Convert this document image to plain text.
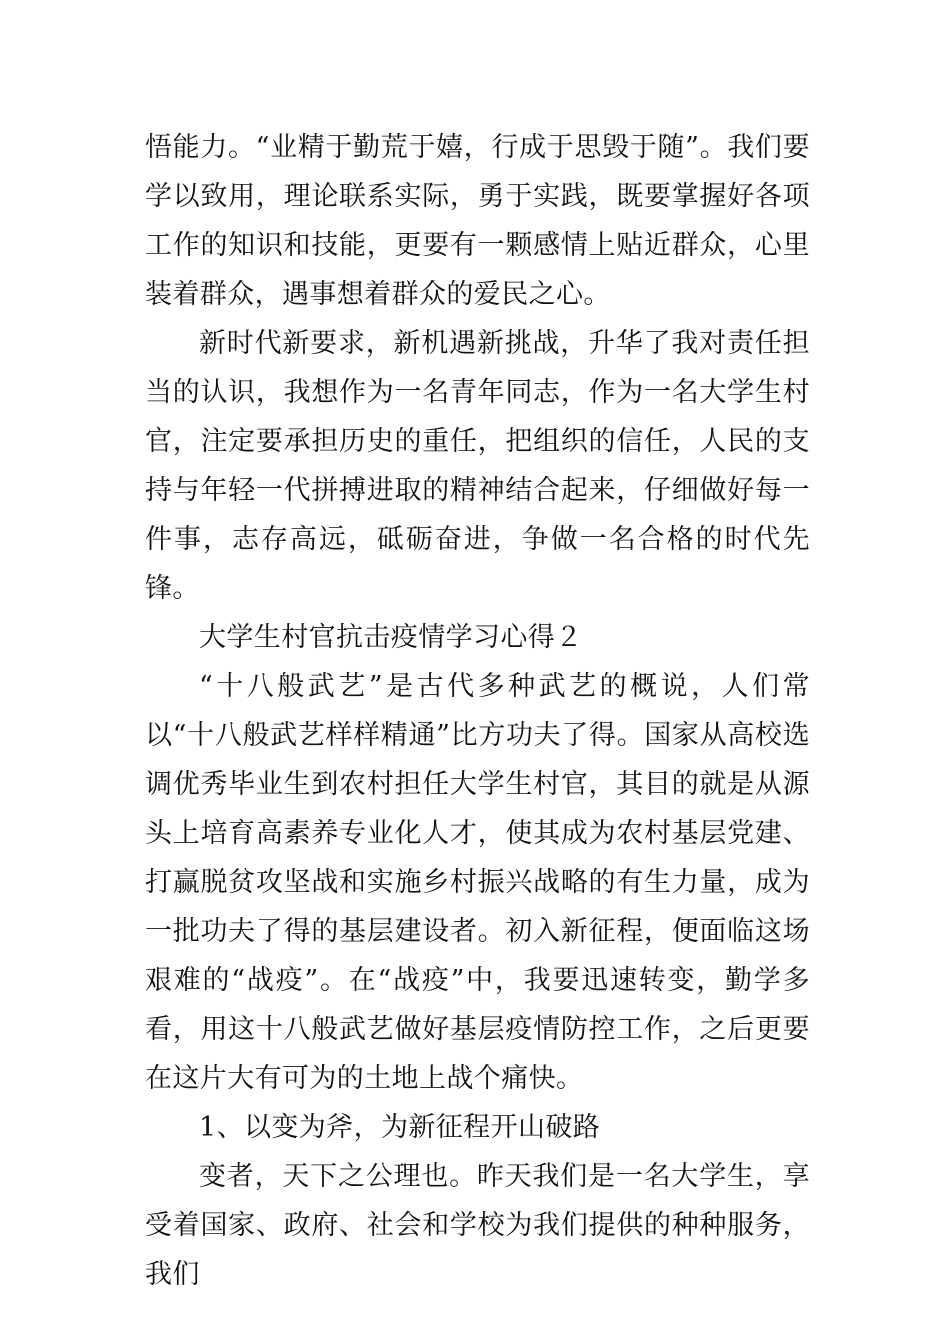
悟能力。“业精于勤荒于嬉，行成于思毁于随”。我们要学以致用，理论联系实际，勇于实践，既要掌握好各项工作的知识和技能，更要有一颗感情上贴近群众，心里装着群众，遇事想着群众的爱民之心。

新时代新要求，新机遇新挑战，升华了我对责任担当的认识，我想作为一名青年同志，作为一名大学生村官，注定要承担历史的重任，把组织的信任，人民的支持与年轻一代拼搏进取的精神结合起来，仔细做好每一件事，志存高远，砥砺奋进，争做一名合格的时代先锋。

大学生村官抗击疫情学习心得２

“十八般武艺”是古代多种武艺的概说，人们常以“十八般武艺样样精通”比方功夫了得。国家从高校选调优秀毕业生到农村担任大学生村官，其目的就是从源头上培育高素养专业化人才，使其成为农村基层党建、打赢脱贫攻坚战和实施乡村振兴战略的有生力量，成为一批功夫了得的基层建设者。初入新征程，便面临这场艰难的“战疫”。在“战疫”中，我要迅速转变，勤学多看，用这十八般武艺做好基层疫情防控工作，之后更要在这片大有可为的土地上战个痛快。

1、以变为斧，为新征程开山破路

变者，天下之公理也。昨天我们是一名大学生，享受着国家、政府、社会和学校为我们提供的种种服务，我们
